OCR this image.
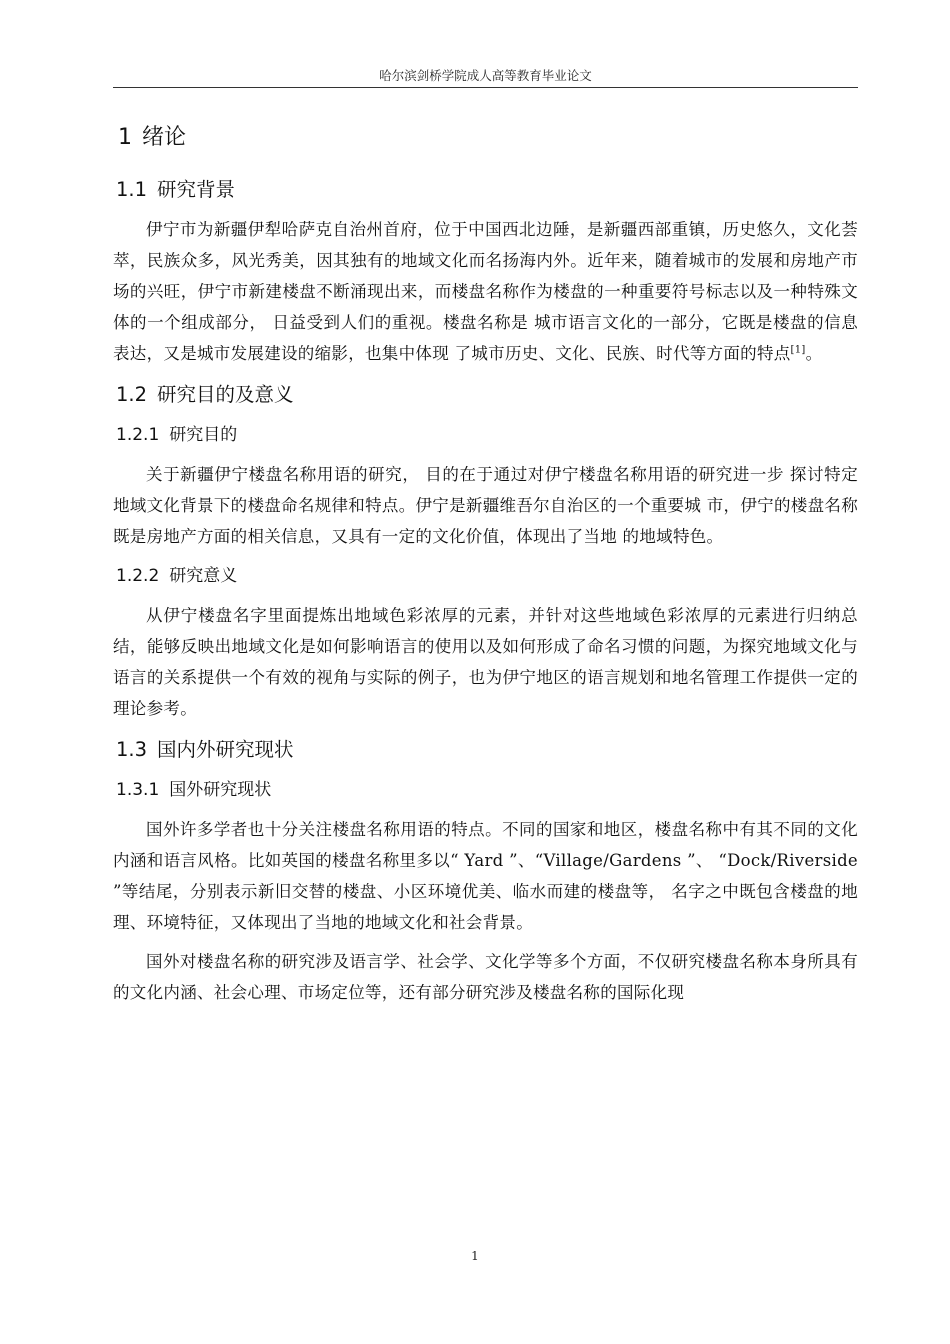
哈尔滨剑桥学院成人高等教育毕业论文
1 绪论
1.1 研究背景

伊宁市为新疆伊犁哈萨克自治州首府，位于中国西北边陲，是新疆西部重镇，历史悠久，文化荟萃，民族众多，风光秀美，因其独有的地域文化而名扬海内外。近年来，随着城市的发展和房地产市场的兴旺，伊宁市新建楼盘不断涌现出来，而楼盘名称作为楼盘的一种重要符号标志以及一种特殊文体的一个组成部分， 日益受到人们的重视。楼盘名称是 城市语言文化的一部分，它既是楼盘的信息表达，又是城市发展建设的缩影，也集中体现 了城市历史、文化、民族、时代等方面的特点[1]。

1.2 研究目的及意义
1.2.1 研究目的

关于新疆伊宁楼盘名称用语的研究， 目的在于通过对伊宁楼盘名称用语的研究进一步 探讨特定地域文化背景下的楼盘命名规律和特点。伊宁是新疆维吾尔自治区的一个重要城 市，伊宁的楼盘名称既是房地产方面的相关信息，又具有一定的文化价值，体现出了当地 的地域特色。

1.2.2 研究意义

从伊宁楼盘名字里面提炼出地域色彩浓厚的元素，并针对这些地域色彩浓厚的元素进行归纳总结，能够反映出地域文化是如何影响语言的使用以及如何形成了命名习惯的问题，为探究地域文化与语言的关系提供一个有效的视角与实际的例子，也为伊宁地区的语言规划和地名管理工作提供一定的理论参考。

1.3 国内外研究现状
1.3.1 国外研究现状

国外许多学者也十分关注楼盘名称用语的特点。不同的国家和地区，楼盘名称中有其不同的文化内涵和语言风格。比如英国的楼盘名称里多以“ Yard ”、“Village/Gardens ”、 “Dock/Riverside ”等结尾，分别表示新旧交替的楼盘、小区环境优美、临水而建的楼盘等， 名字之中既包含楼盘的地理、环境特征，又体现出了当地的地域文化和社会背景。

国外对楼盘名称的研究涉及语言学、社会学、文化学等多个方面，不仅研究楼盘名称本身所具有的文化内涵、社会心理、市场定位等，还有部分研究涉及楼盘名称的国际化现

1
